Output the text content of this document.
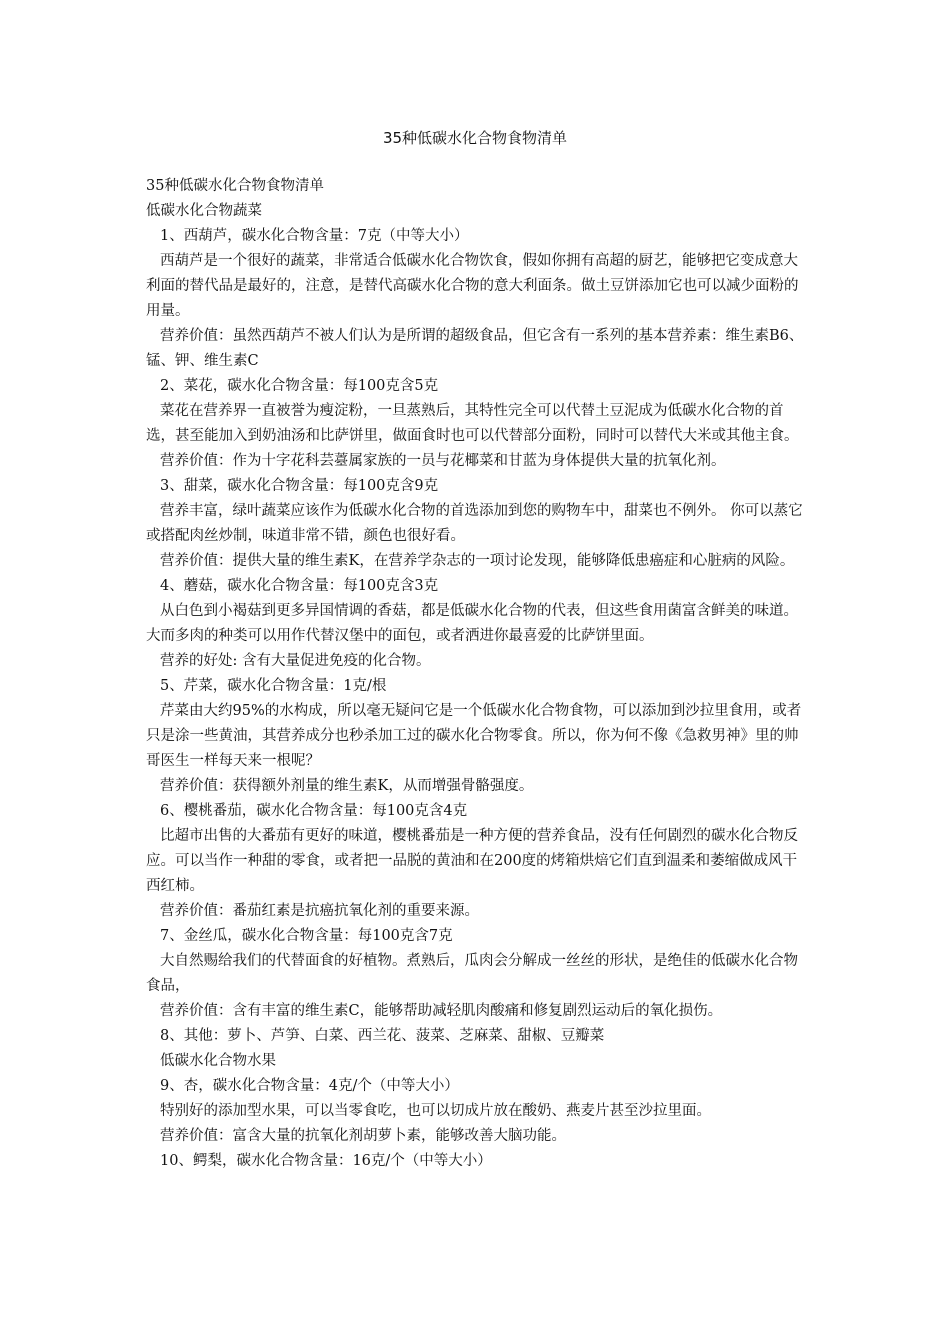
35种低碳水化合物食物清单

35种低碳水化合物食物清单

低碳水化合物蔬菜

1、西葫芦，碳水化合物含量：7克（中等大小）

西葫芦是一个很好的蔬菜，非常适合低碳水化合物饮食，假如你拥有高超的厨艺，能够把它变成意大利面的替代品是最好的，注意，是替代高碳水化合物的意大利面条。做土豆饼添加它也可以减少面粉的用量。

营养价值：虽然西葫芦不被人们认为是所谓的超级食品，但它含有一系列的基本营养素：维生素B6、锰、钾、维生素C

2、菜花，碳水化合物含量：每100克含5克

菜花在营养界一直被誉为瘦淀粉，一旦蒸熟后，其特性完全可以代替土豆泥成为低碳水化合物的首选，甚至能加入到奶油汤和比萨饼里，做面食时也可以代替部分面粉，同时可以替代大米或其他主食。

营养价值：作为十字花科芸薹属家族的一员与花椰菜和甘蓝为身体提供大量的抗氧化剂。

3、甜菜，碳水化合物含量：每100克含9克

营养丰富，绿叶蔬菜应该作为低碳水化合物的首选添加到您的购物车中，甜菜也不例外。 你可以蒸它或搭配肉丝炒制，味道非常不错，颜色也很好看。

营养价值：提供大量的维生素K，在营养学杂志的一项讨论发现，能够降低患癌症和心脏病的风险。

4、蘑菇，碳水化合物含量：每100克含3克

从白色到小褐菇到更多异国情调的香菇，都是低碳水化合物的代表，但这些食用菌富含鲜美的味道。大而多肉的种类可以用作代替汉堡中的面包，或者洒进你最喜爱的比萨饼里面。

营养的好处: 含有大量促进免疫的化合物。

5、芹菜，碳水化合物含量：1克/根

芹菜由大约95%的水构成，所以毫无疑问它是一个低碳水化合物食物，可以添加到沙拉里食用，或者只是涂一些黄油，其营养成分也秒杀加工过的碳水化合物零食。所以，你为何不像《急救男神》里的帅哥医生一样每天来一根呢？

营养价值：获得额外剂量的维生素K，从而增强骨骼强度。

6、樱桃番茄，碳水化合物含量：每100克含4克

比超市出售的大番茄有更好的味道，樱桃番茄是一种方便的营养食品，没有任何剧烈的碳水化合物反应。可以当作一种甜的零食，或者把一品脱的黄油和在200度的烤箱烘焙它们直到温柔和萎缩做成风干西红柿。

营养价值：番茄红素是抗癌抗氧化剂的重要来源。

7、金丝瓜，碳水化合物含量：每100克含7克

大自然赐给我们的代替面食的好植物。煮熟后，瓜肉会分解成一丝丝的形状，是绝佳的低碳水化合物食品，

营养价值：含有丰富的维生素C，能够帮助减轻肌肉酸痛和修复剧烈运动后的氧化损伤。

8、其他：萝卜、芦笋、白菜、西兰花、菠菜、芝麻菜、甜椒、豆瓣菜

低碳水化合物水果

9、杏，碳水化合物含量：4克/个（中等大小）

特别好的添加型水果，可以当零食吃，也可以切成片放在酸奶、燕麦片甚至沙拉里面。

营养价值：富含大量的抗氧化剂胡萝卜素，能够改善大脑功能。

10、鳄梨，碳水化合物含量：16克/个（中等大小）
